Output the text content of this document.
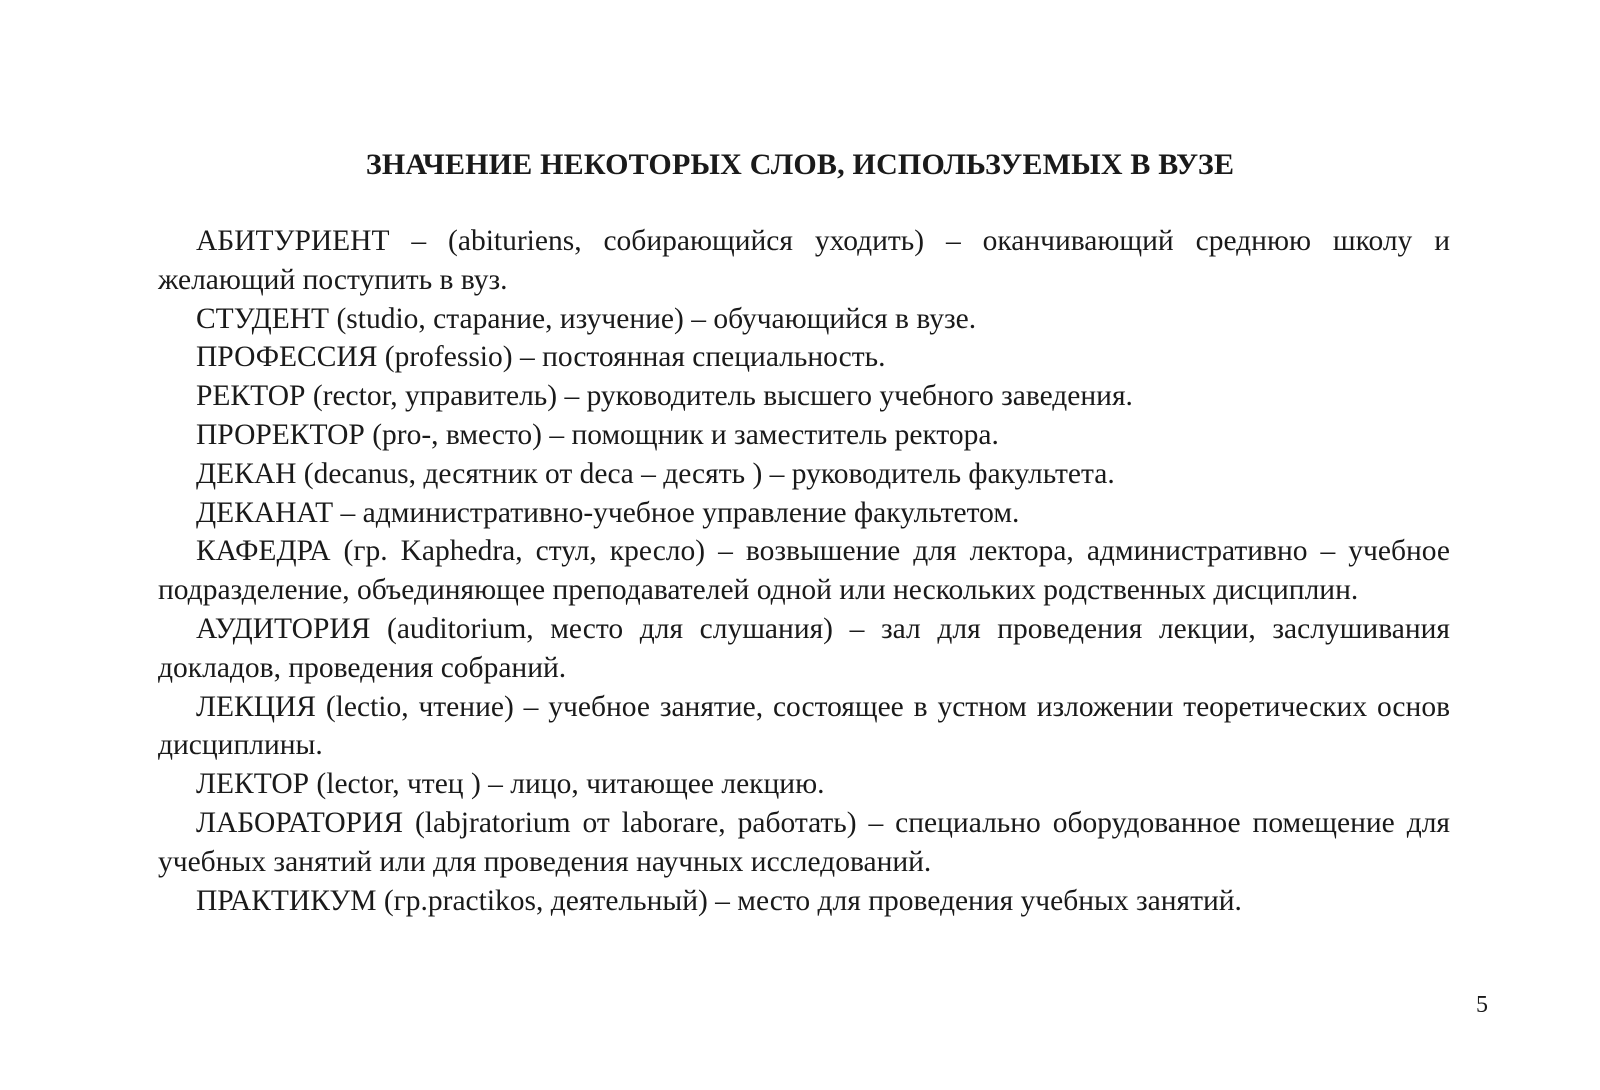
ЗНАЧЕНИЕ НЕКОТОРЫХ СЛОВ, ИСПОЛЬЗУЕМЫХ В ВУЗЕ

АБИТУРИЕНТ – (abiturіens, собирающийся уходить) – оканчивающий среднюю школу и желающий поступить в вуз.

СТУДЕНТ (studio, старание, изучение) – обучающийся в вузе.

ПРОФЕССИЯ (professio) – постоянная специальность.

РЕКТОР (rector, управитель) – руководитель высшего учебного заведения.

ПРОРЕКТОР (pro-, вместо) – помощник и заместитель ректора.

ДЕКАН (decanus, десятник от deca – десять ) – руководитель факультета.

ДЕКАНАТ – административно-учебное управление факультетом.

КАФЕДРА (гр. Kaphedra, стул, кресло) – возвышение для лектора, административно – учебное подразделение, объединяющее преподавателей одной или нескольких родственных дисциплин.

АУДИТОРИЯ (auditorium, место для слушания) – зал для проведения лекции, заслушивания докладов, проведения собраний.

ЛЕКЦИЯ (lectio, чтение) – учебное занятие, состоящее в устном изложении теоретических основ дисциплины.

ЛЕКТОР (lector, чтец ) – лицо, читающее лекцию.

ЛАБОРАТОРИЯ (labjratorium от laborare, работать) – специально оборудованное помещение для учебных занятий или для проведения научных исследований.

ПРАКТИКУМ (гр.practikos, деятельный) – место для проведения учебных занятий.

5
